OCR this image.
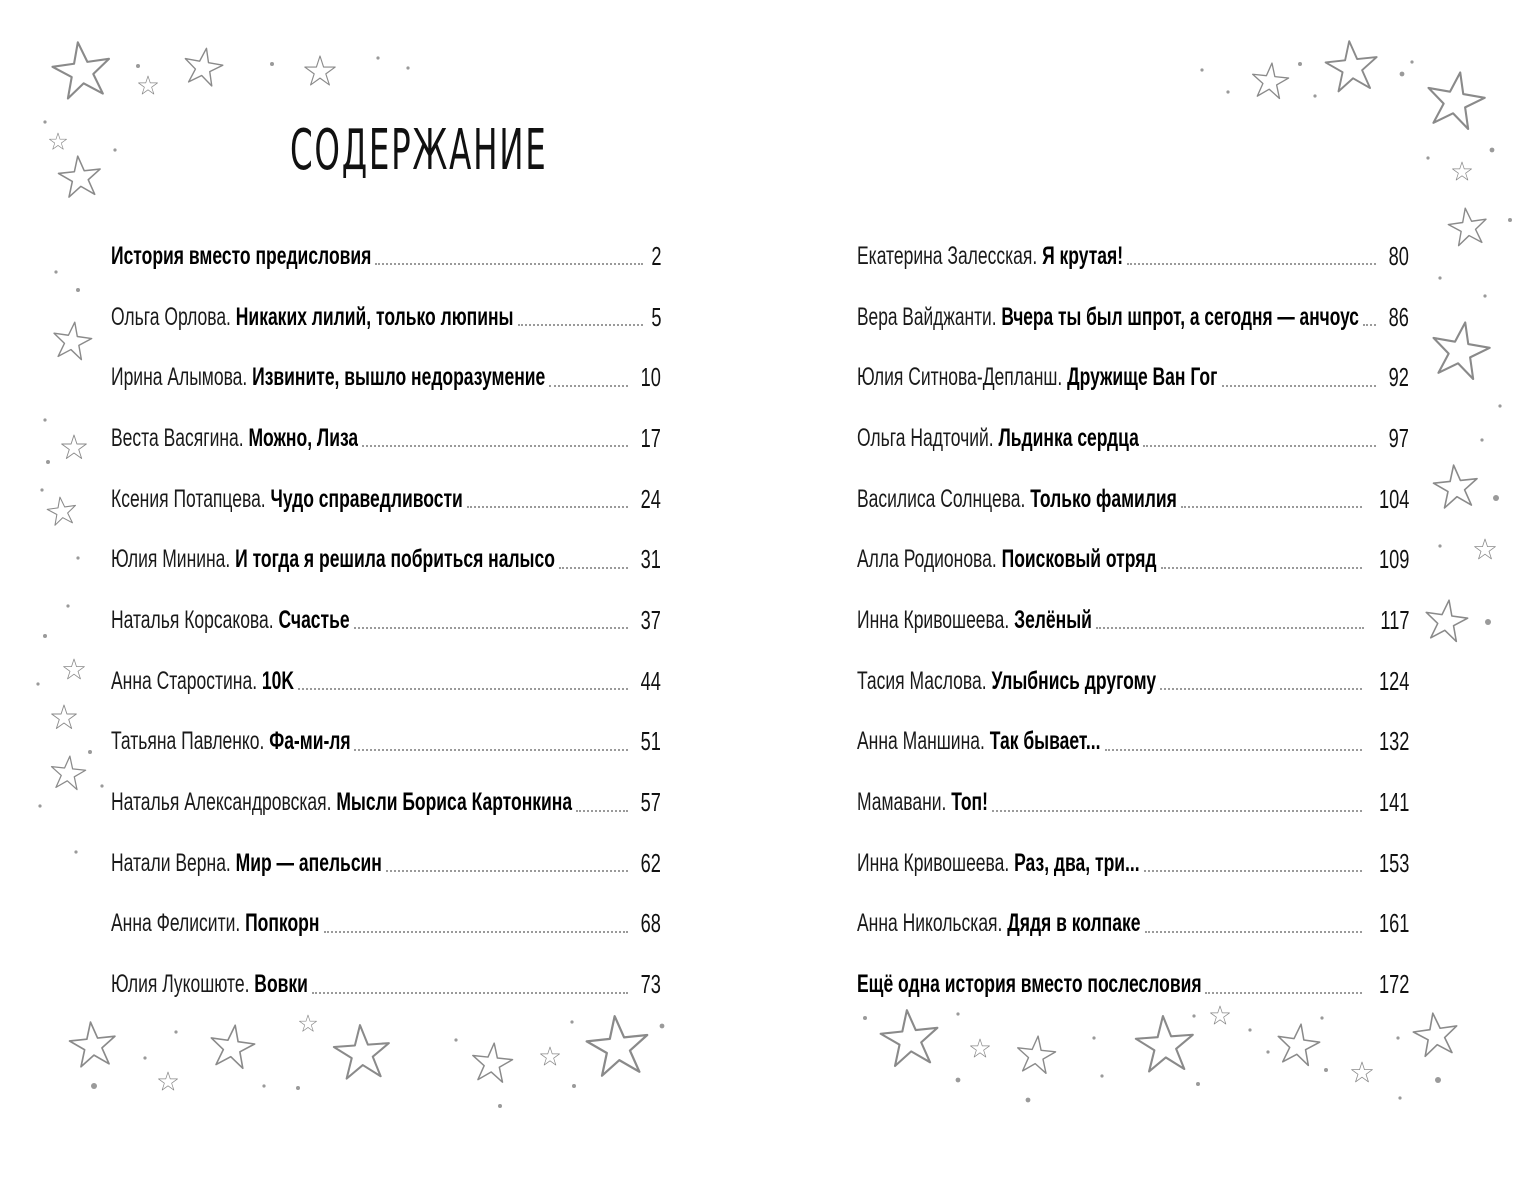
СОДЕРЖАНИЕ
История вместо предисловия	2
Ольга Орлова. Никаких лилий, только люпины	5
Ирина Алымова. Извините, вышло недоразумение	10
Веста Васягина. Можно, Лиза	17
Ксения Потапцева. Чудо справедливости	24
Юлия Минина. И тогда я решила побриться налысо	31
Наталья Корсакова. Счастье	37
Анна Старостина. 10K	44
Татьяна Павленко. Фа-ми-ля	51
Наталья Александровская. Мысли Бориса Картонкина	57
Натали Верна. Мир — апельсин	62
Анна Фелисити. Попкорн	68
Юлия Лукошюте. Вовки	73
Екатерина Залесская. Я крутая!	80
Вера Вайджанти. Вчера ты был шпрот, а сегодня — анчоус 86
Юлия Ситнова-Депланш. Дружище Ван Гог	92
Ольга Надточий. Льдинка сердца	97
Василиса Солнцева. Только фамилия	104
Алла Родионова. Поисковый отряд	109
Инна Кривошеева. Зелёный	117
Тасия Маслова. Улыбнись другому	124
Анна Маншина. Так бывает...	132
Мамавани. Топ!	141
Инна Кривошеева. Раз, два, три...	153
Анна Никольская. Дядя в колпаке	161
Ещё одна история вместо послесловия	172
